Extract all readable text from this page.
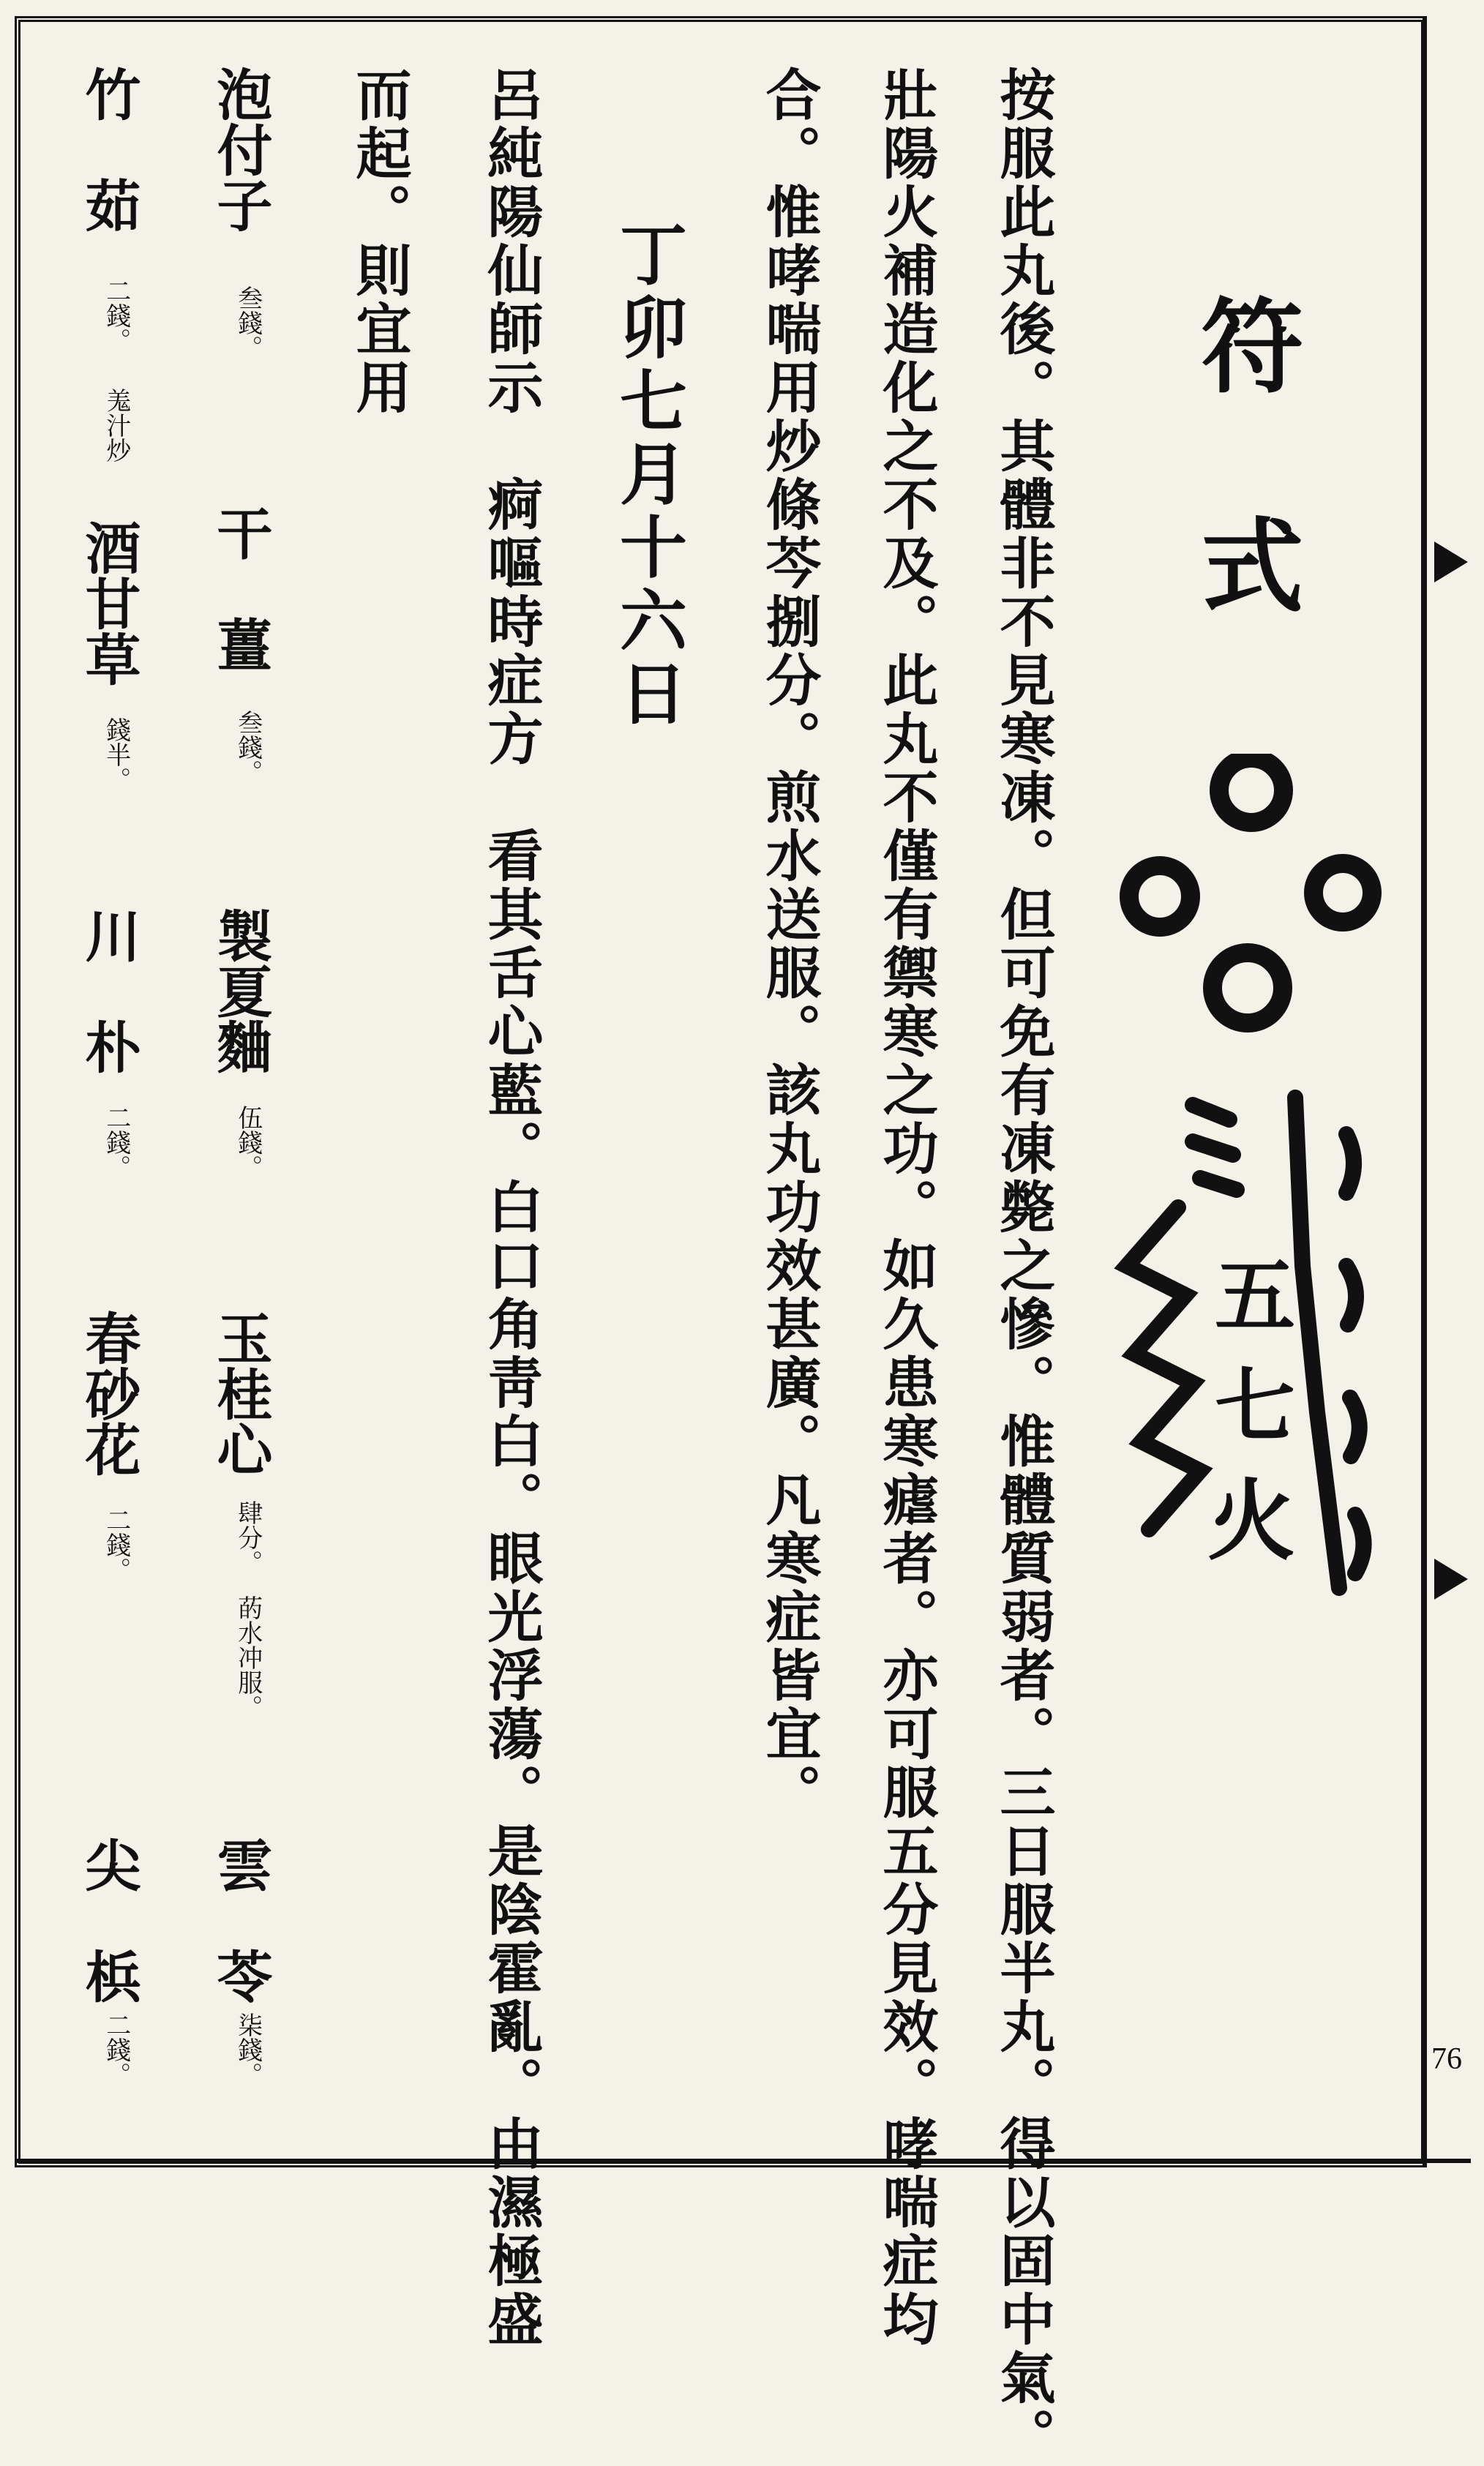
76
符式
五
七
火
按服此丸後。其體非不見寒凍。但可免有凍斃之慘。惟體質弱者。三日服半丸。得以固中氣。
壯陽火補造化之不及。此丸不僅有禦寒之功。如久患寒瘧者。亦可服五分見效。哮喘症均
合。惟哮喘用炒條芩捌分。煎水送服。該丸功效甚廣。凡寒症皆宜。
丁卯七月十六日
呂純陽仙師示　痾嘔時症方　看其舌心藍。白口角靑白。眼光浮蕩。是陰霍亂。由濕極盛
而起。則宜用
泡付子
叁錢。
干　薑
叁錢。
製夏麯
伍錢。
玉桂心
肆分。
菂水冲服。
雲　苓
柒錢。
竹　茹
二錢。
羗汁炒
酒甘草
錢半。
川　朴
二錢。
春砂花
二錢。
尖　梹
二錢。
